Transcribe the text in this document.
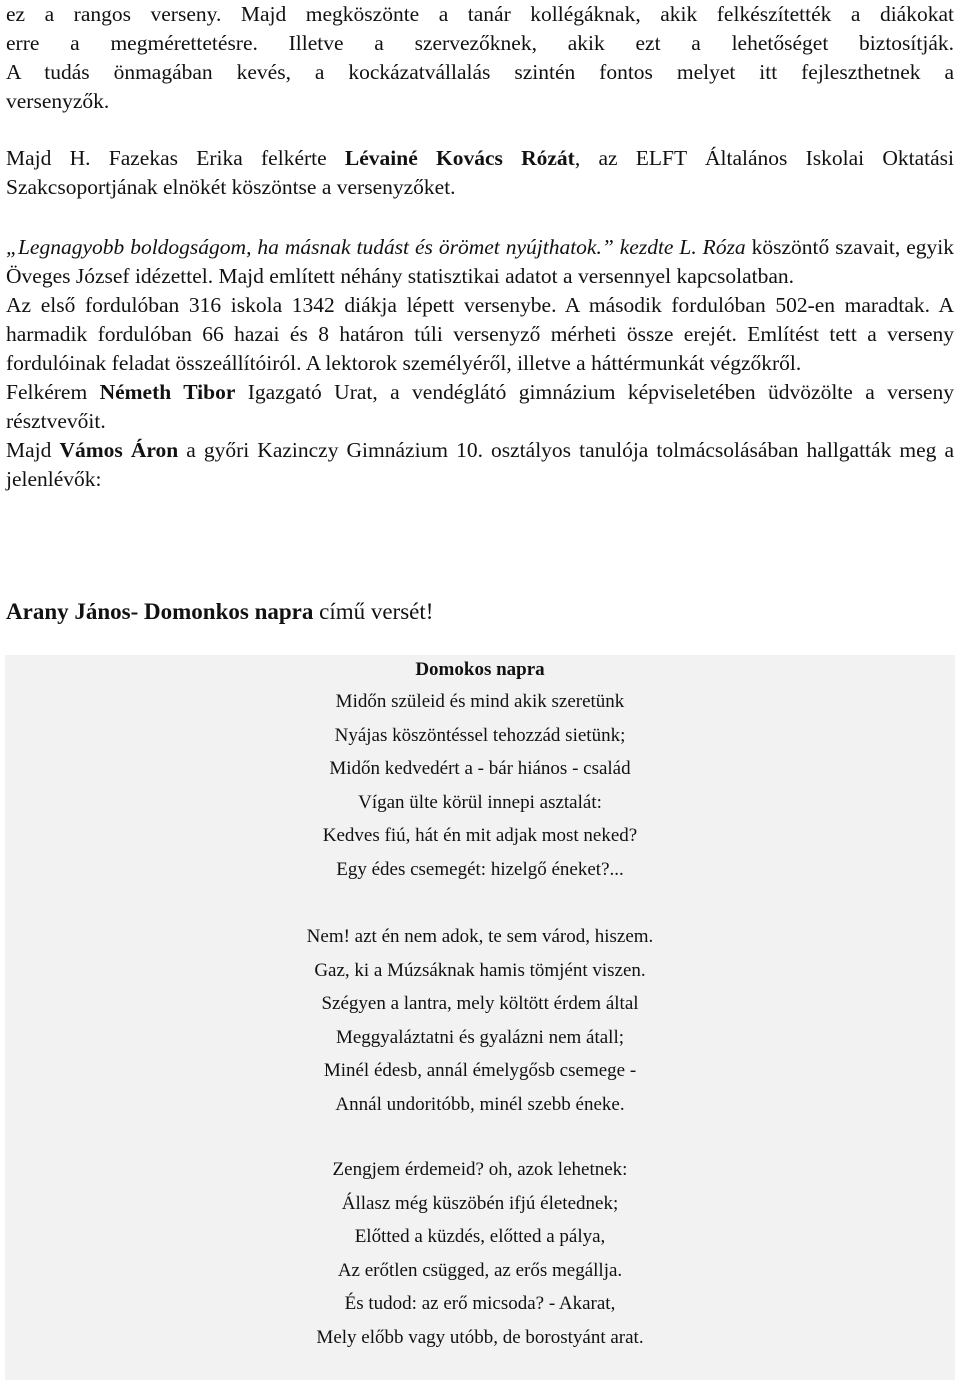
ez a rangos verseny. Majd megköszönte a tanár kollégáknak, akik felkészítették a diákokat
erre a megmérettetésre. Illetve a szervezőknek, akik ezt a lehetőséget biztosítják.
A tudás önmagában kevés, a kockázatvállalás szintén fontos melyet itt fejleszthetnek a
versenyzők.

Majd H. Fazekas Erika felkérte Lévainé Kovács Rózát, az ELFT Általános Iskolai Oktatási Szakcsoportjának elnökét köszöntse a versenyzőket.

„Legnagyobb boldogságom, ha másnak tudást és örömet nyújthatok.” kezdte L. Róza köszöntő szavait, egyik Öveges József idézettel. Majd említett néhány statisztikai adatot a versennyel kapcsolatban.

Az első fordulóban 316 iskola 1342 diákja lépett versenybe. A második fordulóban 502-en maradtak. A harmadik fordulóban 66 hazai és 8 határon túli versenyző mérheti össze erejét. Említést tett a verseny fordulóinak feladat összeállítóiról. A lektorok személyéről, illetve a háttérmunkát végzőkről.

Felkérem Németh Tibor Igazgató Urat, a vendéglátó gimnázium képviseletében üdvözölte a verseny résztvevőit.

Majd Vámos Áron a győri Kazinczy Gimnázium 10. osztályos tanulója tolmácsolásában hallgatták meg a jelenlévők:

Arany János- Domonkos napra című versét!
Domokos napra
Midőn szüleid és mind akik szeretünk
Nyájas köszöntéssel tehozzád sietünk;
Midőn kedvedért a - bár hiános - család
Vígan ülte körül innepi asztalát:
Kedves fiú, hát én mit adjak most neked?
Egy édes csemegét: hizelgő éneket?...
Nem! azt én nem adok, te sem várod, hiszem.
Gaz, ki a Múzsáknak hamis tömjént viszen.
Szégyen a lantra, mely költött érdem által
Meggyaláztatni és gyalázni nem átall;
Minél édesb, annál émelygősb csemege -
Annál undoritóbb, minél szebb éneke.
Zengjem érdemeid? oh, azok lehetnek:
Állasz még küszöbén ifjú életednek;
Előtted a küzdés, előtted a pálya,
Az erőtlen csügged, az erős megállja.
És tudod: az erő micsoda? - Akarat,
Mely előbb vagy utóbb, de borostyánt arat.
